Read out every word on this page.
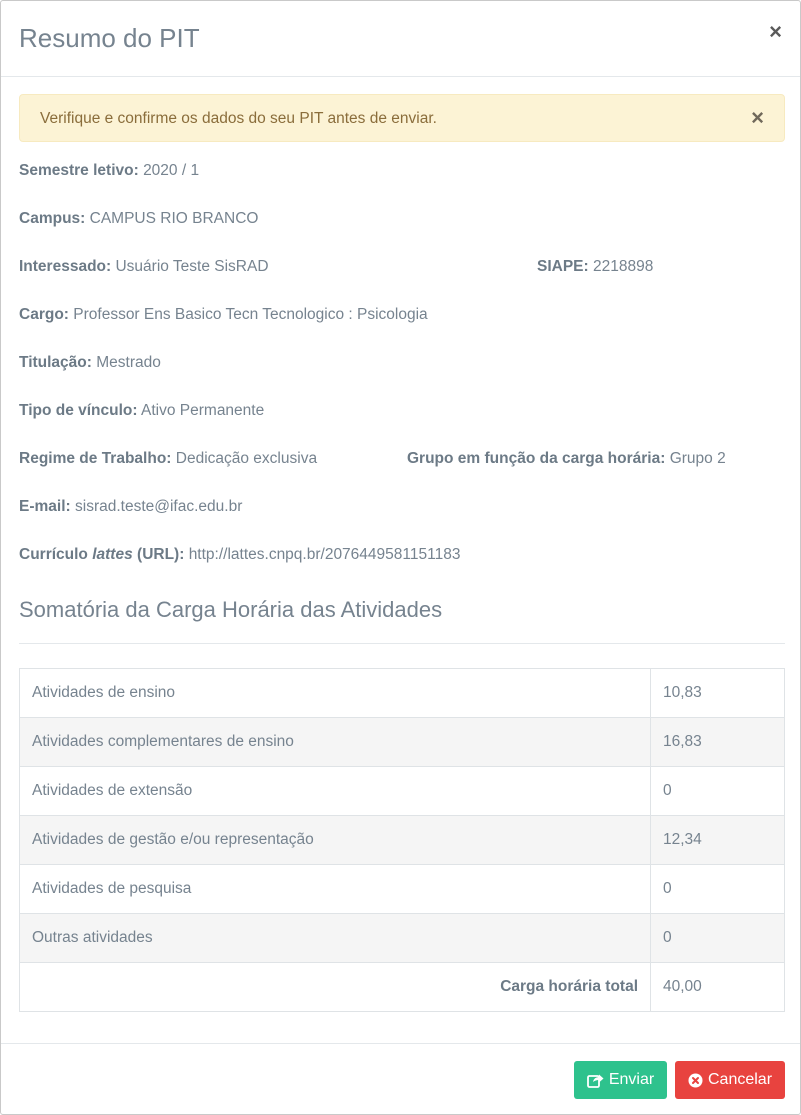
Resumo do PIT	×
Verifique e confirme os dados do seu PIT antes de enviar.	×
Semestre letivo: 2020 / 1
Campus: CAMPUS RIO BRANCO
Interessado: Usuário Teste SisRAD	SIAPE: 2218898
Cargo: Professor Ens Basico Tecn Tecnologico : Psicologia
Titulação: Mestrado
Tipo de vínculo: Ativo Permanente
Regime de Trabalho: Dedicação exclusiva	Grupo em função da carga horária: Grupo 2
E-mail: sisrad.teste@ifac.edu.br
Currículo lattes (URL): http://lattes.cnpq.br/2076449581151183
Somatória da Carga Horária das Atividades
Atividades de ensino	10,83
Atividades complementares de ensino	16,83
Atividades de extensão	0
Atividades de gestão e/ou representação	12,34
Atividades de pesquisa	0
Outras atividades	0
Carga horária total	40,00
Enviar	Cancelar
